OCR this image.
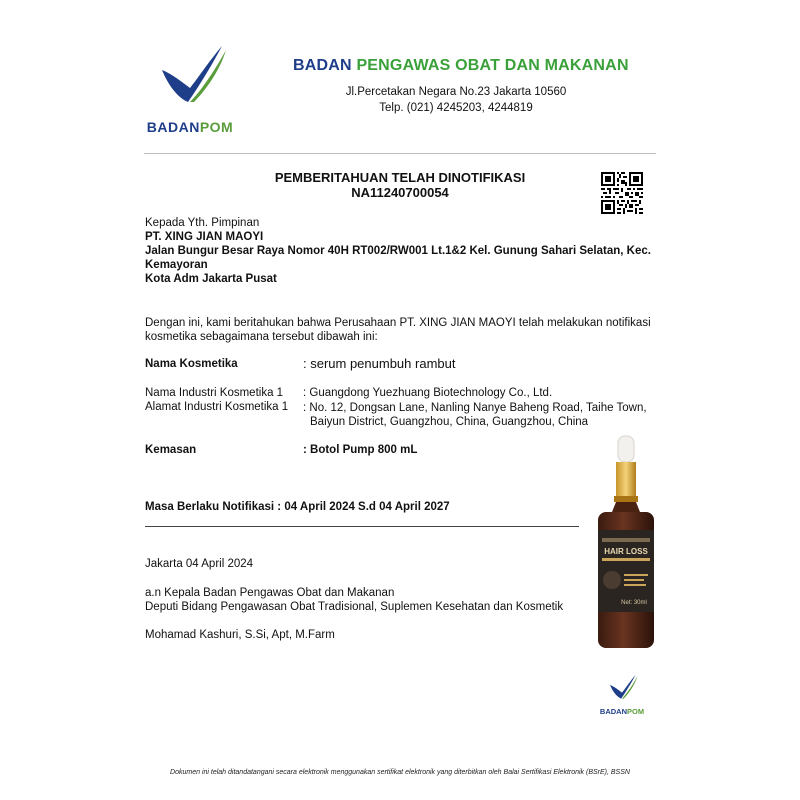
BADANPOM
BADAN PENGAWAS OBAT DAN MAKANAN
Jl.Percetakan Negara No.23 Jakarta 10560
Telp. (021) 4245203, 4244819
PEMBERITAHUAN TELAH DINOTIFIKASI
NA11240700054
Kepada Yth. Pimpinan
PT. XING JIAN MAOYI
Jalan Bungur Besar Raya Nomor 40H RT002/RW001 Lt.1&2 Kel. Gunung Sahari Selatan, Kec.
Kemayoran
Kota Adm Jakarta Pusat
Dengan ini, kami beritahukan bahwa Perusahaan PT. XING JIAN MAOYI telah melakukan notifikasi
kosmetika sebagaimana tersebut dibawah ini:
Nama Kosmetika	: serum penumbuh rambut
Nama Industri Kosmetika 1 : Guangdong Yuezhuang Biotechnology Co., Ltd.
Alamat Industri Kosmetika 1 : No. 12, Dongsan Lane, Nanling Nanye Baheng Road, Taihe Town,
Baiyun District, Guangzhou, China, Guangzhou, China
Kemasan	: Botol Pump 800 mL
Masa Berlaku Notifikasi : 04 April 2024 S.d 04 April 2027
HAIR LOSS
Net: 30ml
Jakarta 04 April 2024
a.n Kepala Badan Pengawas Obat dan Makanan
Deputi Bidang Pengawasan Obat Tradisional, Suplemen Kesehatan dan Kosmetik
Mohamad Kashuri, S.Si, Apt, M.Farm
BADANPOM
Dokumen ini telah ditandatangani secara elektronik menggunakan sertifikat elektronik yang diterbitkan oleh Balai Sertifikasi Elektronik (BSrE), BSSN
